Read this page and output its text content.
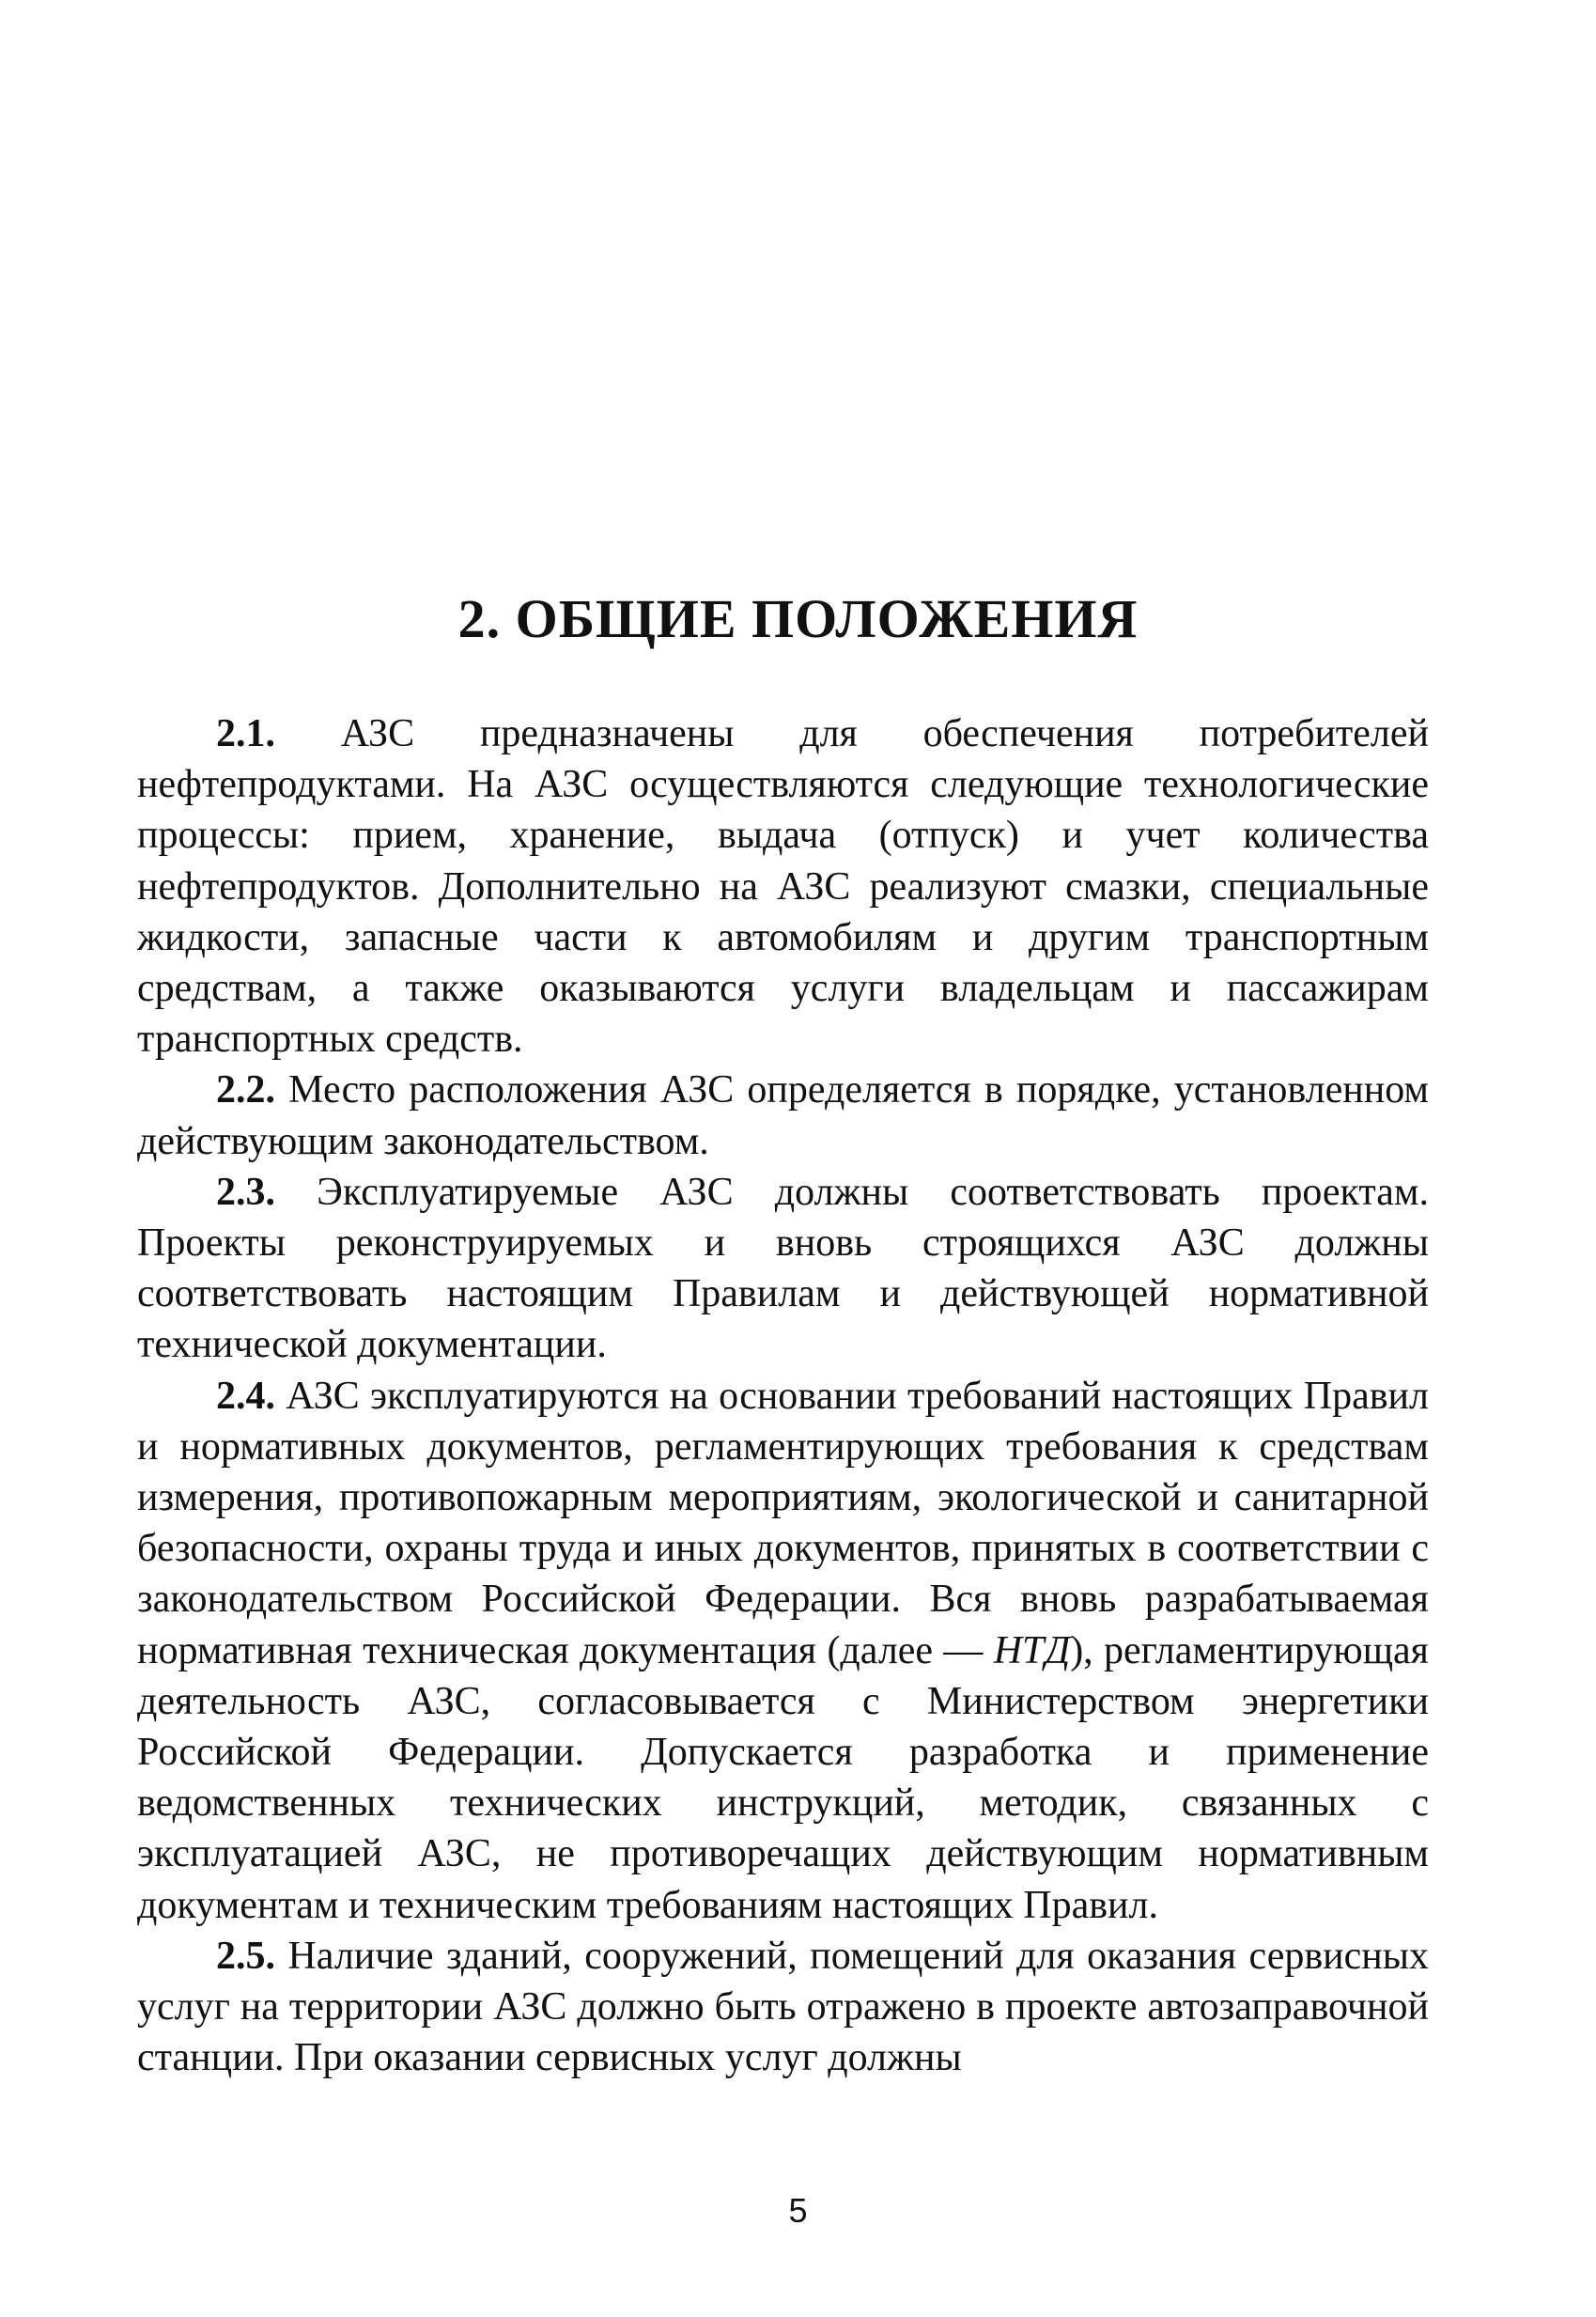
2. ОБЩИЕ ПОЛОЖЕНИЯ

2.1. АЗС предназначены для обеспечения потребителей нефтепродуктами. На АЗС осуществляются следующие технологические процессы: прием, хранение, выдача (отпуск) и учет количества нефтепродуктов. Дополнительно на АЗС реализуют смазки, специальные жидкости, запасные части к автомобилям и другим транспортным средствам, а также оказываются услуги владельцам и пассажирам транспортных средств.

2.2. Место расположения АЗС определяется в порядке, установленном действующим законодательством.

2.3. Эксплуатируемые АЗС должны соответствовать проектам. Проекты реконструируемых и вновь строящихся АЗС должны соответствовать настоящим Правилам и действующей нормативной технической документации.

2.4. АЗС эксплуатируются на основании требований настоящих Правил и нормативных документов, регламентирующих требования к средствам измерения, противопожарным мероприятиям, экологической и санитарной безопасности, охраны труда и иных документов, принятых в соответствии с законодательством Российской Федерации. Вся вновь разрабатываемая нормативная техническая документация (далее — НТД), регламентирующая деятельность АЗС, согласовывается с Министерством энергетики Российской Федерации. Допускается разработка и применение ведомственных технических инструкций, методик, связанных с эксплуатацией АЗС, не противоречащих действующим нормативным документам и техническим требованиям настоящих Правил.

2.5. Наличие зданий, сооружений, помещений для оказания сервисных услуг на территории АЗС должно быть отражено в проекте автозаправочной станции. При оказании сервисных услуг должны

5
